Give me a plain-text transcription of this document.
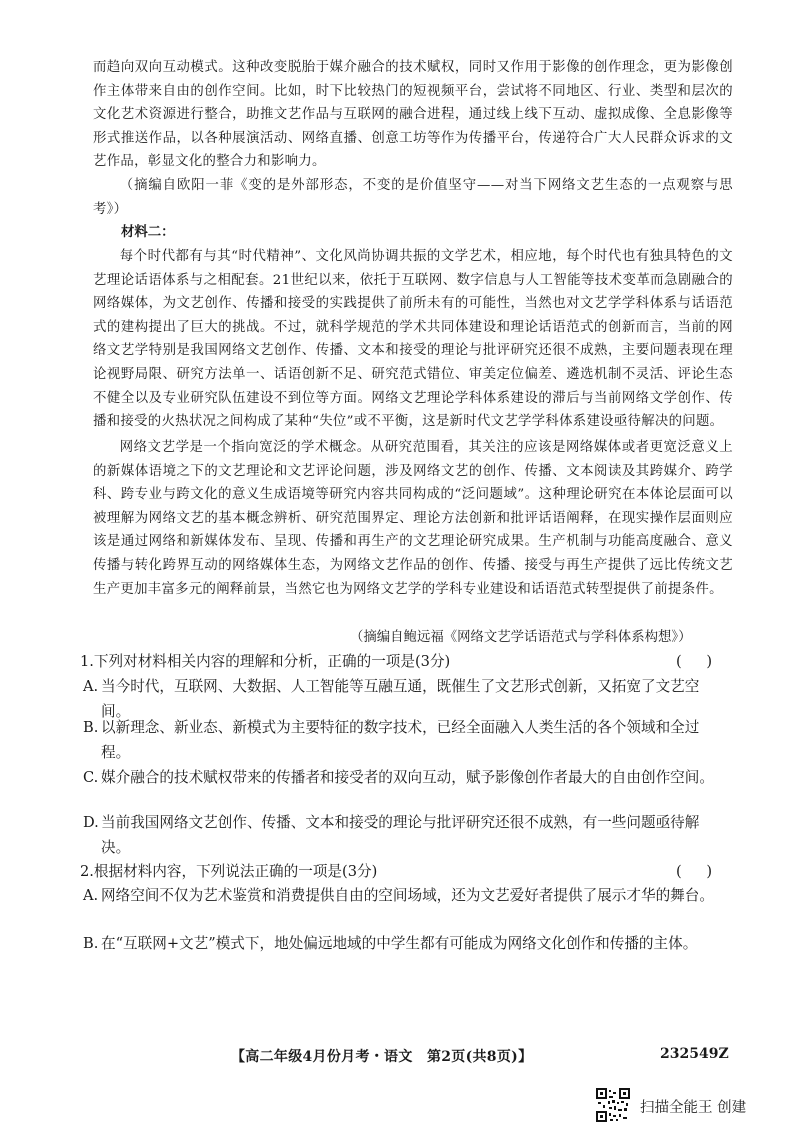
而趋向双向互动模式。这种改变脱胎于媒介融合的技术赋权，同时又作用于影像的创作理念，更为影像创作主体带来自由的创作空间。比如，时下比较热门的短视频平台，尝试将不同地区、行业、类型和层次的文化艺术资源进行整合，助推文艺作品与互联网的融合进程，通过线上线下互动、虚拟成像、全息影像等形式推送作品，以各种展演活动、网络直播、创意工坊等作为传播平台，传递符合广大人民群众诉求的文艺作品，彰显文化的整合力和影响力。

（摘编自欧阳一菲《变的是外部形态，不变的是价值坚守——对当下网络文艺生态的一点观察与思考》）

材料二：

每个时代都有与其“时代精神”、文化风尚协调共振的文学艺术，相应地，每个时代也有独具特色的文艺理论话语体系与之相配套。21世纪以来，依托于互联网、数字信息与人工智能等技术变革而急剧融合的网络媒体，为文艺创作、传播和接受的实践提供了前所未有的可能性，当然也对文艺学学科体系与话语范式的建构提出了巨大的挑战。不过，就科学规范的学术共同体建设和理论话语范式的创新而言，当前的网络文艺学特别是我国网络文艺创作、传播、文本和接受的理论与批评研究还很不成熟，主要问题表现在理论视野局限、研究方法单一、话语创新不足、研究范式错位、审美定位偏差、遴选机制不灵活、评论生态不健全以及专业研究队伍建设不到位等方面。网络文艺理论学科体系建设的滞后与当前网络文学创作、传播和接受的火热状况之间构成了某种“失位”或不平衡，这是新时代文艺学学科体系建设亟待解决的问题。

网络文艺学是一个指向宽泛的学术概念。从研究范围看，其关注的应该是网络媒体或者更宽泛意义上的新媒体语境之下的文艺理论和文艺评论问题，涉及网络文艺的创作、传播、文本阅读及其跨媒介、跨学科、跨专业与跨文化的意义生成语境等研究内容共同构成的“泛问题域”。这种理论研究在本体论层面可以被理解为网络文艺的基本概念辨析、研究范围界定、理论方法创新和批评话语阐释，在现实操作层面则应该是通过网络和新媒体发布、呈现、传播和再生产的文艺理论研究成果。生产机制与功能高度融合、意义传播与转化跨界互动的网络媒体生态，为网络文艺作品的创作、传播、接受与再生产提供了远比传统文艺生产更加丰富多元的阐释前景，当然它也为网络文艺学的学科专业建设和话语范式转型提供了前提条件。

（摘编自鲍远福《网络文艺学话语范式与学科体系构想》）

1.下列对材料相关内容的理解和分析，正确的一项是(3分)	( )
A. 当今时代，互联网、大数据、人工智能等互融互通，既催生了文艺形式创新，又拓宽了文艺空间。
B. 以新理念、新业态、新模式为主要特征的数字技术，已经全面融入人类生活的各个领域和全过程。
C. 媒介融合的技术赋权带来的传播者和接受者的双向互动，赋予影像创作者最大的自由创作空间。
D. 当前我国网络文艺创作、传播、文本和接受的理论与批评研究还很不成熟，有一些问题亟待解决。

2.根据材料内容，下列说法正确的一项是(3分)	( )
A. 网络空间不仅为艺术鉴赏和消费提供自由的空间场域，还为文艺爱好者提供了展示才华的舞台。
B. 在“互联网+文艺”模式下，地处偏远地域的中学生都有可能成为网络文化创作和传播的主体。
【高二年级4月份月考・语文　第2页(共8页)】	232549Z
扫描全能王 创建
